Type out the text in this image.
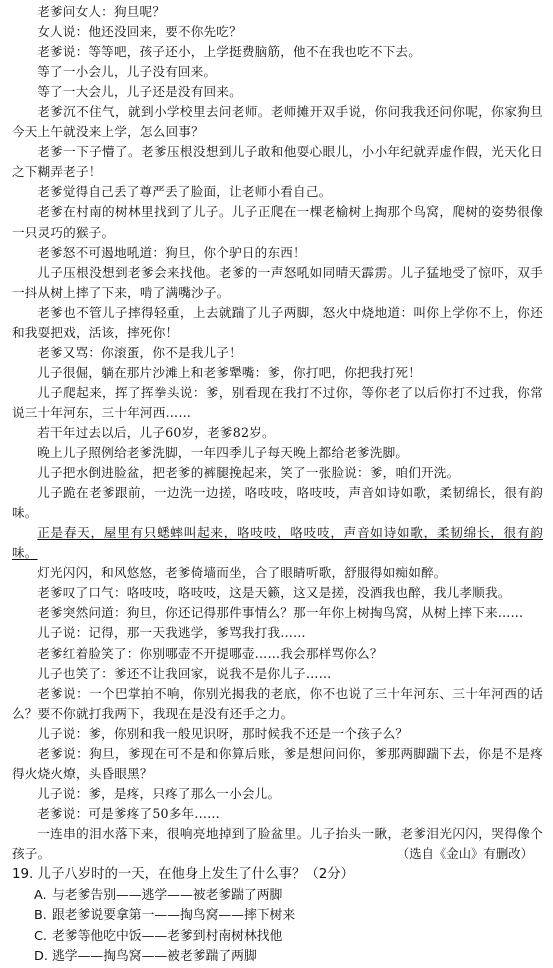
老爹问女人：狗旦呢？

女人说：他还没回来，要不你先吃？

老爹说：等等吧，孩子还小，上学挺费脑筋，他不在我也吃不下去。

等了一小会儿，儿子没有回来。

等了一大会儿，儿子还是没有回来。

老爹沉不住气，就到小学校里去问老师。老师摊开双手说，你问我我还问你呢，你家狗旦今天上午就没来上学，怎么回事？

老爹一下子懵了。老爹压根没想到儿子敢和他耍心眼儿，小小年纪就弄虚作假，光天化日之下糊弄老子！

老爹觉得自己丢了尊严丢了脸面，让老师小看自己。

老爹在村南的树林里找到了儿子。儿子正爬在一棵老榆树上掏那个鸟窝，爬树的姿势很像一只灵巧的猴子。

老爹怒不可遏地吼道：狗旦，你个驴日的东西！

儿子压根没想到老爹会来找他。老爹的一声怒吼如同晴天霹雳。儿子猛地受了惊吓，双手一抖从树上摔了下来，啃了满嘴沙子。

老爹也不管儿子摔得轻重，上去就踹了儿子两脚，怒火中烧地道：叫你上学你不上，你还和我耍把戏，活该，摔死你！

老爹又骂：你滚蛋，你不是我儿子！

儿子很倔，躺在那片沙滩上和老爹犟嘴：爹，你打吧，你把我打死！

儿子爬起来，挥了挥拳头说：爹，别看现在我打不过你，等你老了以后你打不过我，你常说三十年河东，三十年河西……

若干年过去以后，儿子60岁，老爹82岁。

晚上儿子照例给老爹洗脚，一年四季儿子每天晚上都给老爹洗脚。

儿子把水倒进脸盆，把老爹的裤腿挽起来，笑了一张脸说：爹，咱们开洗。

儿子跪在老爹跟前，一边洗一边搓，咯吱吱，咯吱吱，声音如诗如歌，柔韧绵长，很有韵味。

正是春天，屋里有只蟋蟀叫起来，咯吱吱，咯吱吱，声音如诗如歌，柔韧绵长，很有韵味。

灯光闪闪，和风悠悠，老爹倚墙而坐，合了眼睛听歌，舒服得如痴如醉。

老爹叹了口气：咯吱吱，咯吱吱，这是天籁，这又是搓，没酒我也醉，我儿孝顺我。

老爹突然问道：狗旦，你还记得那件事情么？那一年你上树掏鸟窝，从树上摔下来……

儿子说：记得，那一天我逃学，爹骂我打我……

老爹红着脸笑了：你别哪壶不开提哪壶……我会那样骂你么？

儿子也笑了：爹还不让我回家，说我不是你儿子……

老爹说：一个巴掌拍不响，你别光揭我的老底，你不也说了三十年河东、三十年河西的话么？要不你就打我两下，我现在是没有还手之力。

儿子说：爹，你别和我一般见识呀，那时候我不还是一个孩子么？

老爹说：狗旦，爹现在可不是和你算后账，爹是想问问你，爹那两脚踹下去，你是不是疼得火烧火燎，头昏眼黑？

儿子说：爹，是疼，只疼了那么一小会儿。

老爹说：可是爹疼了50多年……

一连串的泪水落下来，很响亮地掉到了脸盆里。儿子抬头一瞅，老爹泪光闪闪，哭得像个孩子。	（选自《金山》有删改）

19. 儿子八岁时的一天，在他身上发生了什么事？（2分）

A. 与老爹告别——逃学——被老爹踹了两脚
B. 跟老爹说要拿第一——掏鸟窝——摔下树来
C. 老爹等他吃中饭——老爹到村南树林找他
D. 逃学——掏鸟窝——被老爹踹了两脚
